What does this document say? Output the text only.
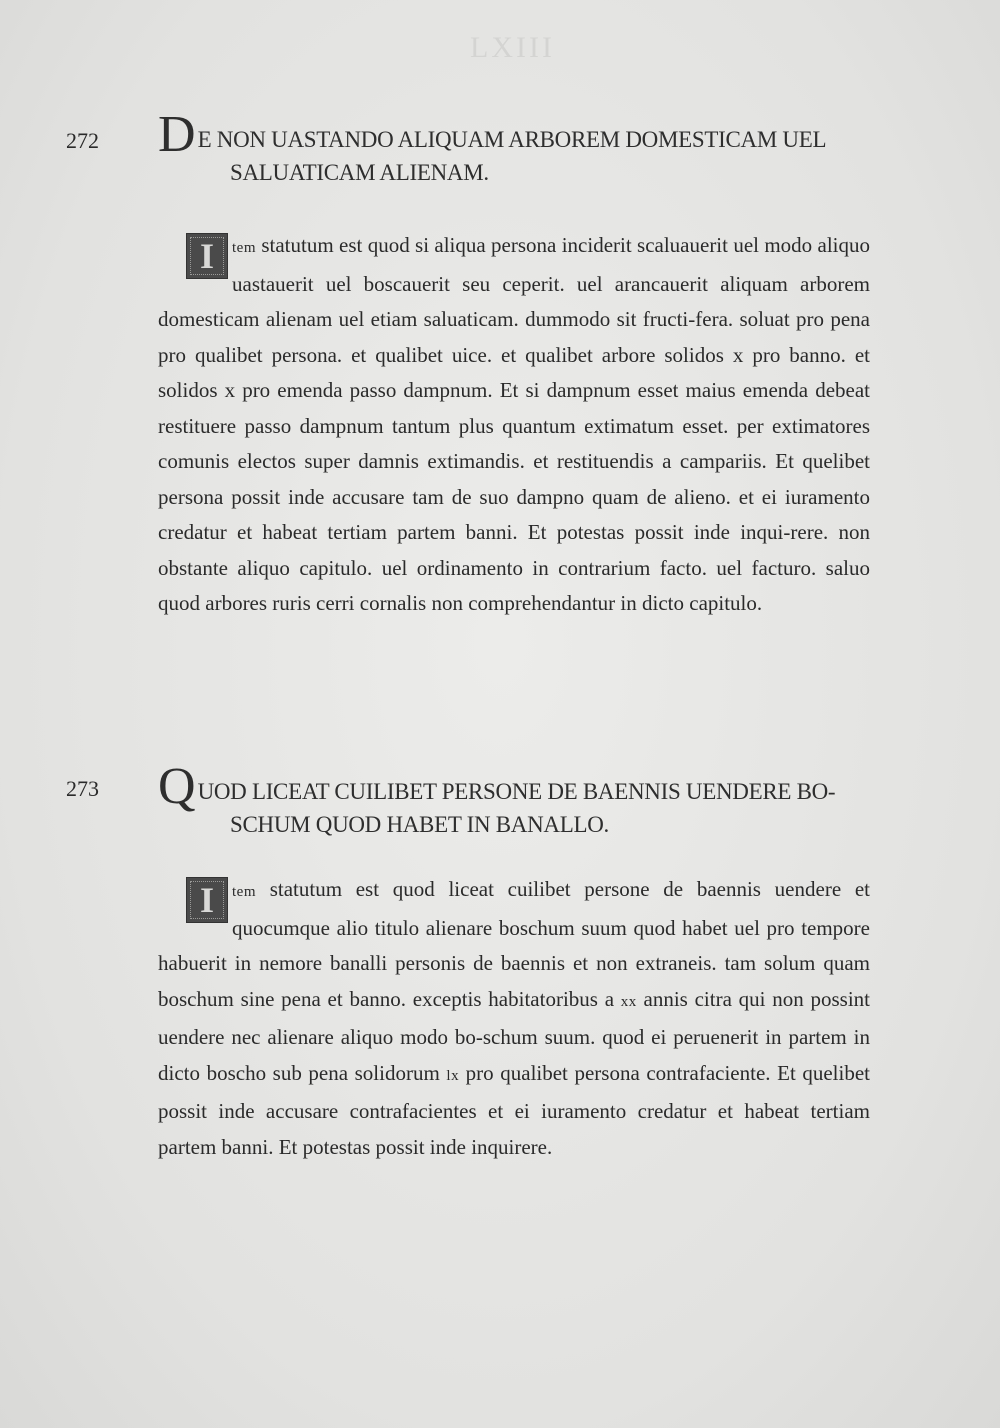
LXIII
272 DE NON UASTANDO ALIQUAM ARBOREM DOMESTICAM UEL
SALUATICAM ALIENAM.

I	tem statutum est quod si aliqua persona inciderit scaluauerit uel modo aliquo uastauerit uel boscauerit seu ceperit. uel arancauerit aliquam arborem domesticam alienam uel etiam saluaticam. dummodo sit fructi-fera. soluat pro pena pro qualibet persona. et qualibet uice. et qualibet arbore solidos x pro banno. et solidos x pro emenda passo dampnum. Et si dampnum esset maius emenda debeat restituere passo dampnum tantum plus quantum extimatum esset. per extimatores comunis electos super damnis extimandis. et restituendis a campariis. Et quelibet persona possit inde accusare tam de suo dampno quam de alieno. et ei iuramento credatur et habeat tertiam partem banni. Et potestas possit inde inqui-rere. non obstante aliquo capitulo. uel ordinamento in contrarium facto. uel facturo. saluo quod arbores ruris cerri cornalis non comprehendantur in dicto capitulo.

273 QUOD LICEAT CUILIBET PERSONE DE BAENNIS UENDERE BO-
SCHUM QUOD HABET IN BANALLO.

I	tem statutum est quod liceat cuilibet persone de baennis uendere et quocumque alio titulo alienare boschum suum quod habet uel pro tempore habuerit in nemore banalli personis de baennis et non extraneis. tam solum quam boschum sine pena et banno. exceptis habitatoribus a xx annis citra qui non possint uendere nec alienare aliquo modo bo-schum suum. quod ei peruenerit in partem in dicto boscho sub pena solidorum lx pro qualibet persona contrafaciente. Et quelibet possit inde accusare contrafacientes et ei iuramento credatur et habeat tertiam partem banni. Et potestas possit inde inquirere.
